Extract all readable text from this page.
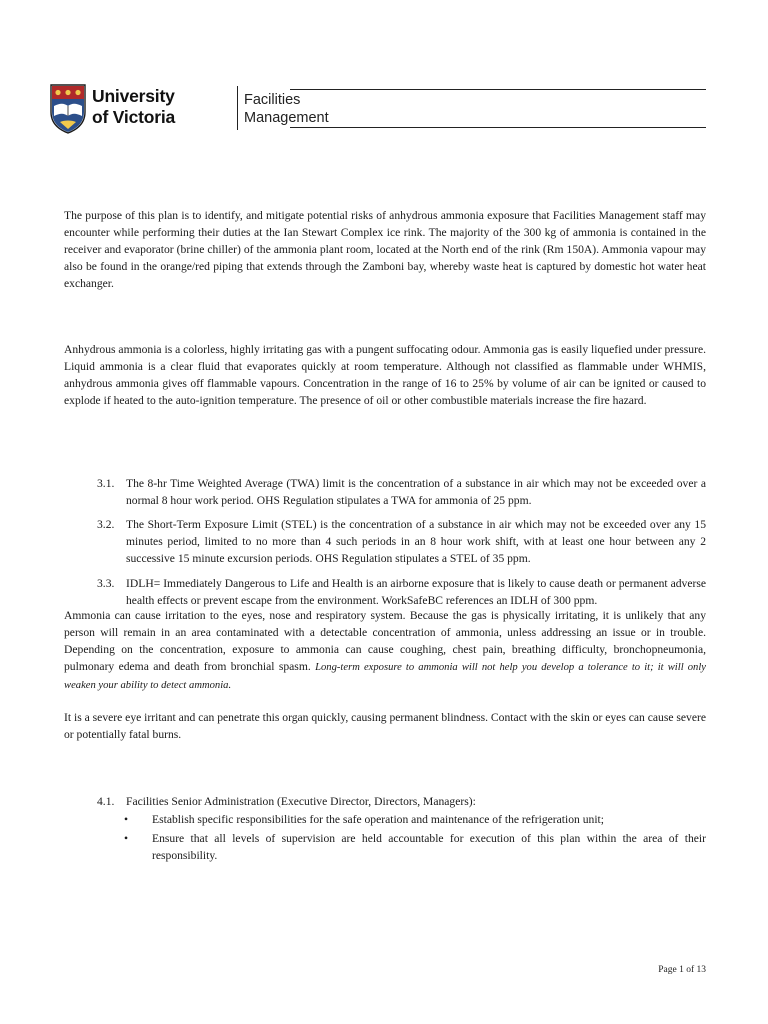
University
of Victoria
Facilities
Management

The purpose of this plan is to identify, and mitigate potential risks of anhydrous ammonia exposure that Facilities Management staff may encounter while performing their duties at the Ian Stewart Complex ice rink. The majority of the 300 kg of ammonia is contained in the receiver and evaporator (brine chiller) of the ammonia plant room, located at the North end of the rink (Rm 150A). Ammonia vapour may also be found in the orange/red piping that extends through the Zamboni bay, whereby waste heat is captured by domestic hot water heat exchanger.

Anhydrous ammonia is a colorless, highly irritating gas with a pungent suffocating odour. Ammonia gas is easily liquefied under pressure. Liquid ammonia is a clear fluid that evaporates quickly at room temperature. Although not classified as flammable under WHMIS, anhydrous ammonia gives off flammable vapours. Concentration in the range of 16 to 25% by volume of air can be ignited or caused to explode if heated to the auto-ignition temperature. The presence of oil or other combustible materials increase the fire hazard.

3.1.	The 8-hr Time Weighted Average (TWA) limit is the concentration of a substance in air which may not be exceeded over a normal 8 hour work period. OHS Regulation stipulates a TWA for ammonia of 25 ppm.
3.2.	The Short-Term Exposure Limit (STEL) is the concentration of a substance in air which may not be exceeded over any 15 minutes period, limited to no more than 4 such periods in an 8 hour work shift, with at least one hour between any 2 successive 15 minute excursion periods. OHS Regulation stipulates a STEL of 35 ppm.
3.3.	IDLH= Immediately Dangerous to Life and Health is an airborne exposure that is likely to cause death or permanent adverse health effects or prevent escape from the environment. WorkSafeBC references an IDLH of 300 ppm.

Ammonia can cause irritation to the eyes, nose and respiratory system. Because the gas is physically irritating, it is unlikely that any person will remain in an area contaminated with a detectable concentration of ammonia, unless addressing an issue or in trouble. Depending on the concentration, exposure to ammonia can cause coughing, chest pain, breathing difficulty, bronchopneumonia, pulmonary edema and death from bronchial spasm. Long-term exposure to ammonia will not help you develop a tolerance to it; it will only weaken your ability to detect ammonia.

It is a severe eye irritant and can penetrate this organ quickly, causing permanent blindness. Contact with the skin or eyes can cause severe or potentially fatal burns.

4.1.	Facilities Senior Administration (Executive Director, Directors, Managers):
• Establish specific responsibilities for the safe operation and maintenance of the refrigeration unit;
• Ensure that all levels of supervision are held accountable for execution of this plan within the area of their responsibility.
Page 1 of 13
